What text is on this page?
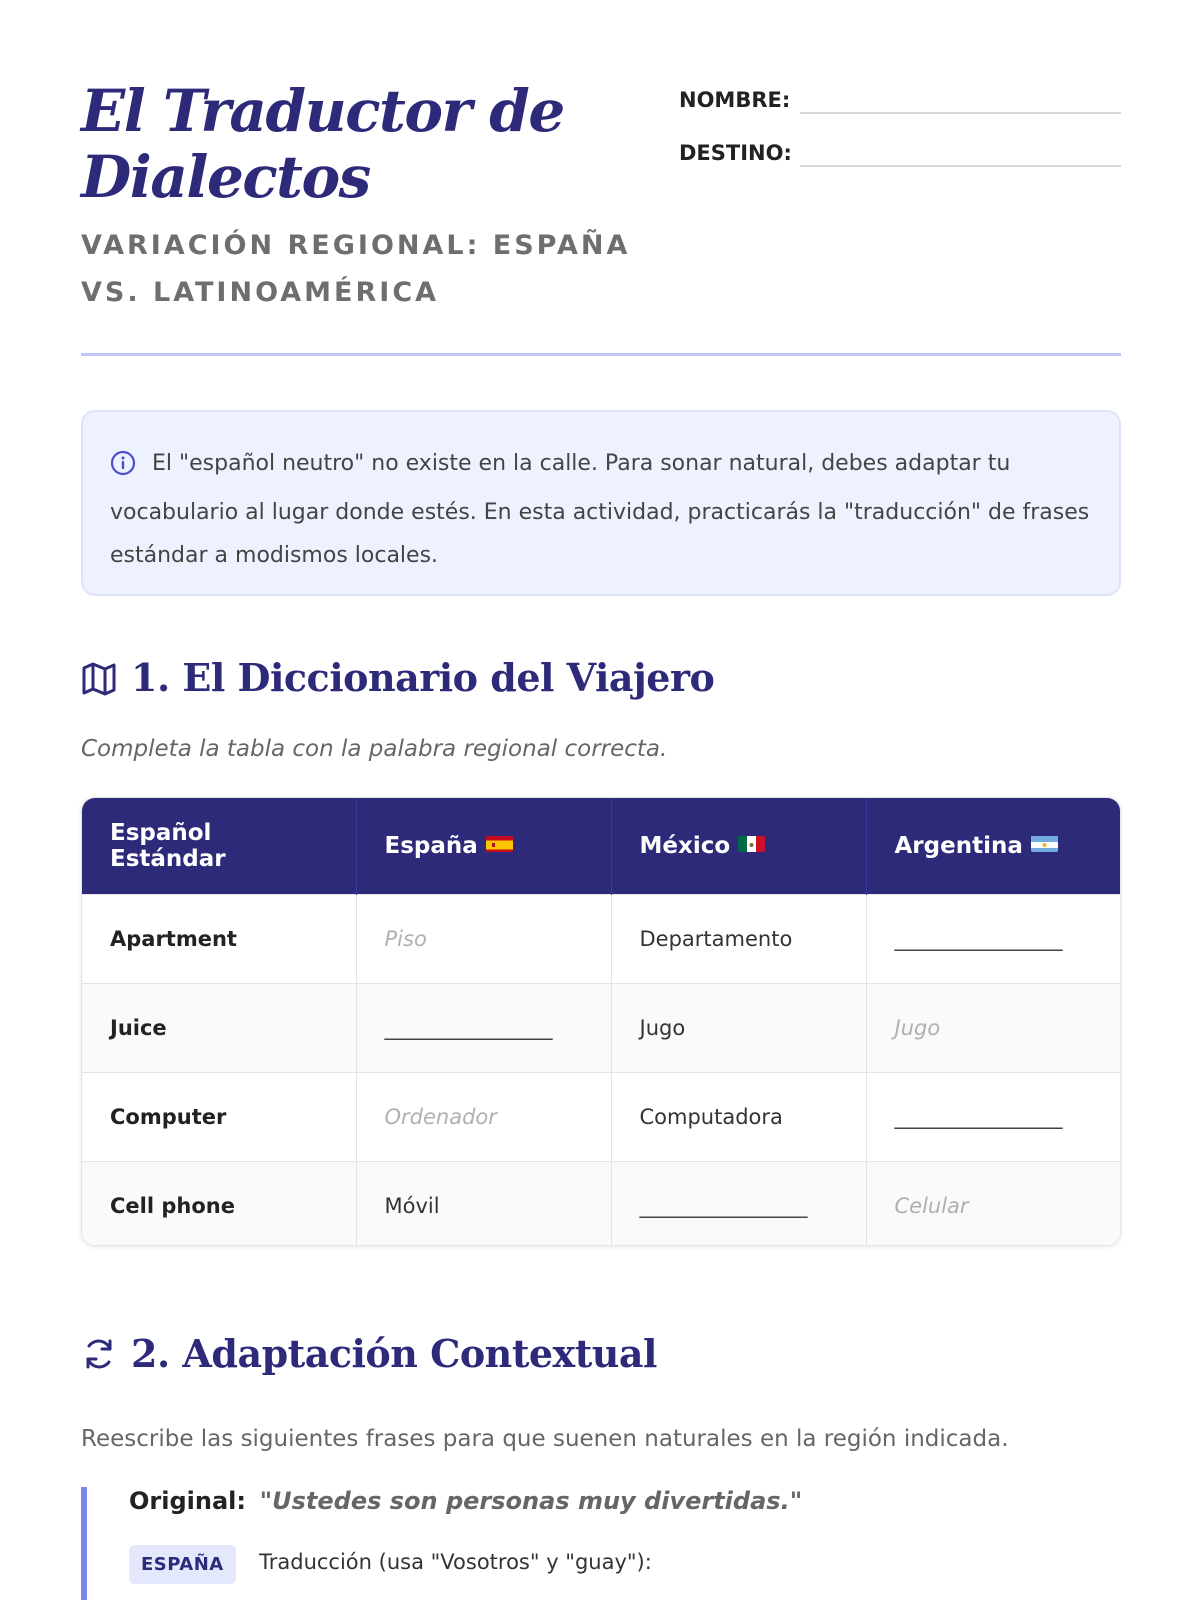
El Traductor de Dialectos
VARIACIÓN REGIONAL: ESPAÑA VS. LATINOAMÉRICA
NOMBRE:
DESTINO:
El "español neutro" no existe en la calle. Para sonar natural, debes adaptar tu vocabulario al lugar donde estés. En esta actividad, practicarás la "traducción" de frases estándar a modismos locales.
1. El Diccionario del Viajero
Completa la tabla con la palabra regional correcta.
Español Estándar	España	México	Argentina
Apartment	Piso	Departamento	________________
Juice	________________	Jugo	Jugo
Computer	Ordenador	Computadora	________________
Cell phone	Móvil	________________	Celular
2. Adaptación Contextual
Reescribe las siguientes frases para que suenen naturales en la región indicada.
Original: "Ustedes son personas muy divertidas."
ESPAÑA	Traducción (usa "Vosotros" y "guay"):
